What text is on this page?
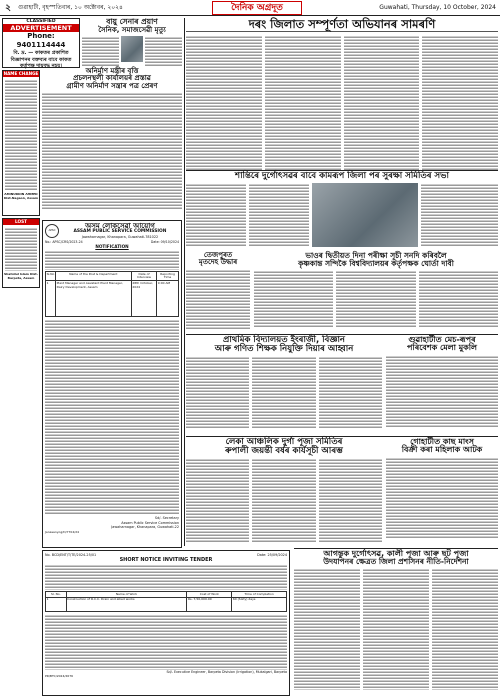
২	গুৱাহাটী, বৃহস্পতিবাৰ, ১০ অক্টোবৰ, ২০২৪	দৈনিক অগ্ৰদূত	Guwahati, Thursday, 10 October, 2024
CLASSIFIED
ADVERTISEMENT
Phone: 9401114444
বি. দ্ৰ. — কাকতৰ প্ৰকাশিত
বিজ্ঞাপনৰ বক্তব্যৰ বাবে কাকত
কৰ্তৃপক্ষ দায়বদ্ধ নহয়।
NAME CHANGE
AMINUDDIN AHMED Dist-Nagaon, Assam
LOST
Shahidul Islam Dist-Barpeta, Assam
বায়ু সেনাৰ প্ৰয়াণ
সৈনিক, সমাজসেৱী মৃত্যু
অনিৰ্মাণ মন্ত্ৰীৰ বৃত্তি
প্ৰচলনস্থলী কাৰ্যালয়ৰ প্ৰস্তাৱ
গ্ৰামীণ অনিৰ্মাণ সন্ত্ৰাৰ পত্ৰ প্ৰেৰণ
APSC
অসম লোকসেৱা আয়োগ
ASSAM PUBLIC SERVICE COMMISSION
Jawaharnagar, Khanapara, Guwahati-781022
No.: APSC/CRS/2023-24	Date: 09/10/2024
NOTIFICATION
Sl.No	Name of the Post & Department	Date of Interview	Reporting Time
1	Plant Manager and Assistant Plant Manager, Dairy Development, Assam	28th October, 2024	9:00 AM
Sd/- Secretary
Assam Public Service Commission
Jawaharnagar, Khanapara, Guwahati-22
Janasanyog/D/7704/24
No. BCD/ENT/T/TE/2024-25/01	Date: 25/09/2024
SHORT NOTICE INVITING TENDER
Sl. No.	Name of Work	Cost of Work	Time of Completion
1	Construction of R.C.C. Drain and allied works	Rs. 7,50,000.00	60 (Sixty) days
Sd/- Executive Engineer, Barpeta Division (Irrigation), Mukalgari, Barpeta
PR/BTC/2024/2676
দৰং জিলাত সম্পূৰ্ণতা অভিযানৰ সামৰণি
শান্তিৰে দুৰ্গোৎসৱৰ বাবে কামৰূপ জিলা পৰ সুৰক্ষা সমিতিৰ সভা
তেজপুৰত
মৃতদেহ উদ্ধাৰ
ভাওৰ দ্বিতীয়ত দিনা পৰীক্ষা সূচী সনদি কৰিবলৈ
কৃষ্ণকান্ত সন্দিকৈ বিশ্ববিদ্যালয়ৰ কৰ্তৃপক্ষক ঘোৰ্তা দাবী
প্ৰাথমিক বিদ্যালয়ত ইংৰাজী, বিজ্ঞান
আৰু গণিত শিক্ষক নিযুক্তি দিয়াৰ আহ্বান
গুৱাহাটীত মেচ-ৰূপৰ
পৰিবেশক মেলা মুকলি
লেকা আঞ্চলিক দুৰ্গা পূজা সমিতিৰ
ৰুপালী জয়ন্তী বৰ্ষৰ কাৰ্যসূচী আৰম্ভ
গোহাটীত কাছ মাংস
বিক্ৰী কৰা মহিলাক আটক
আগন্তুক দুৰ্গোৎসৱ, কালী পূজা আৰু ছট পূজা
উদযাপনৰ ক্ষেত্ৰত জিলা প্ৰশাসনৰ নীতি-নিৰ্দেশনা
